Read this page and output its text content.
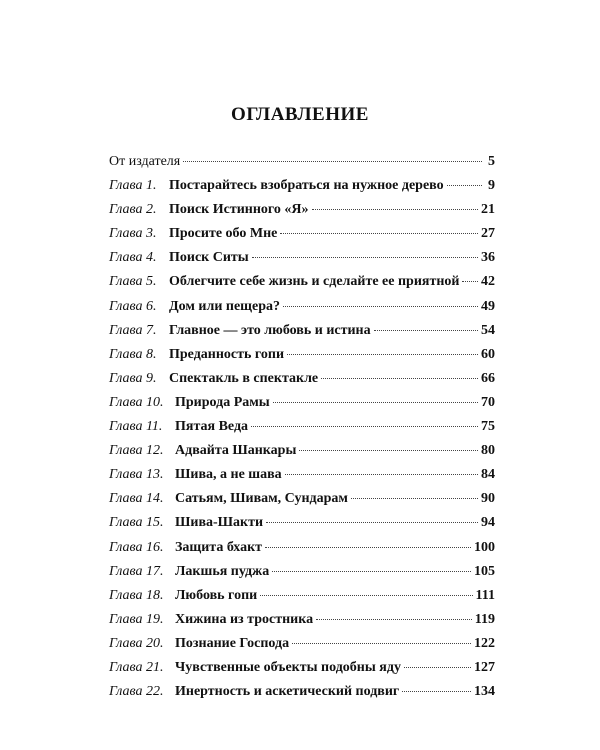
ОГЛАВЛЕНИЕ
От издателя	5
Глава 1. Постарайтесь взобраться на нужное дерево	9
Глава 2. Поиск Истинного «Я»	21
Глава 3. Просите обо Мне	27
Глава 4. Поиск Ситы	36
Глава 5. Облегчите себе жизнь и сделайте ее приятной 42
Глава 6. Дом или пещера?	49
Глава 7. Главное — это любовь и истина	54
Глава 8. Преданность гопи	60
Глава 9. Спектакль в спектакле	66
Глава 10. Природа Рамы	70
Глава 11. Пятая Веда	75
Глава 12. Адвайта Шанкары	80
Глава 13. Шива, а не шава	84
Глава 14. Сатьям, Шивам, Сундарам	90
Глава 15. Шива-Шакти	94
Глава 16. Защита бхакт	100
Глава 17. Лакшья пуджа	105
Глава 18. Любовь гопи	111
Глава 19. Хижина из тростника	119
Глава 20. Познание Господа	122
Глава 21. Чувственные объекты подобны яду	127
Глава 22. Инертность и аскетический подвиг	134
